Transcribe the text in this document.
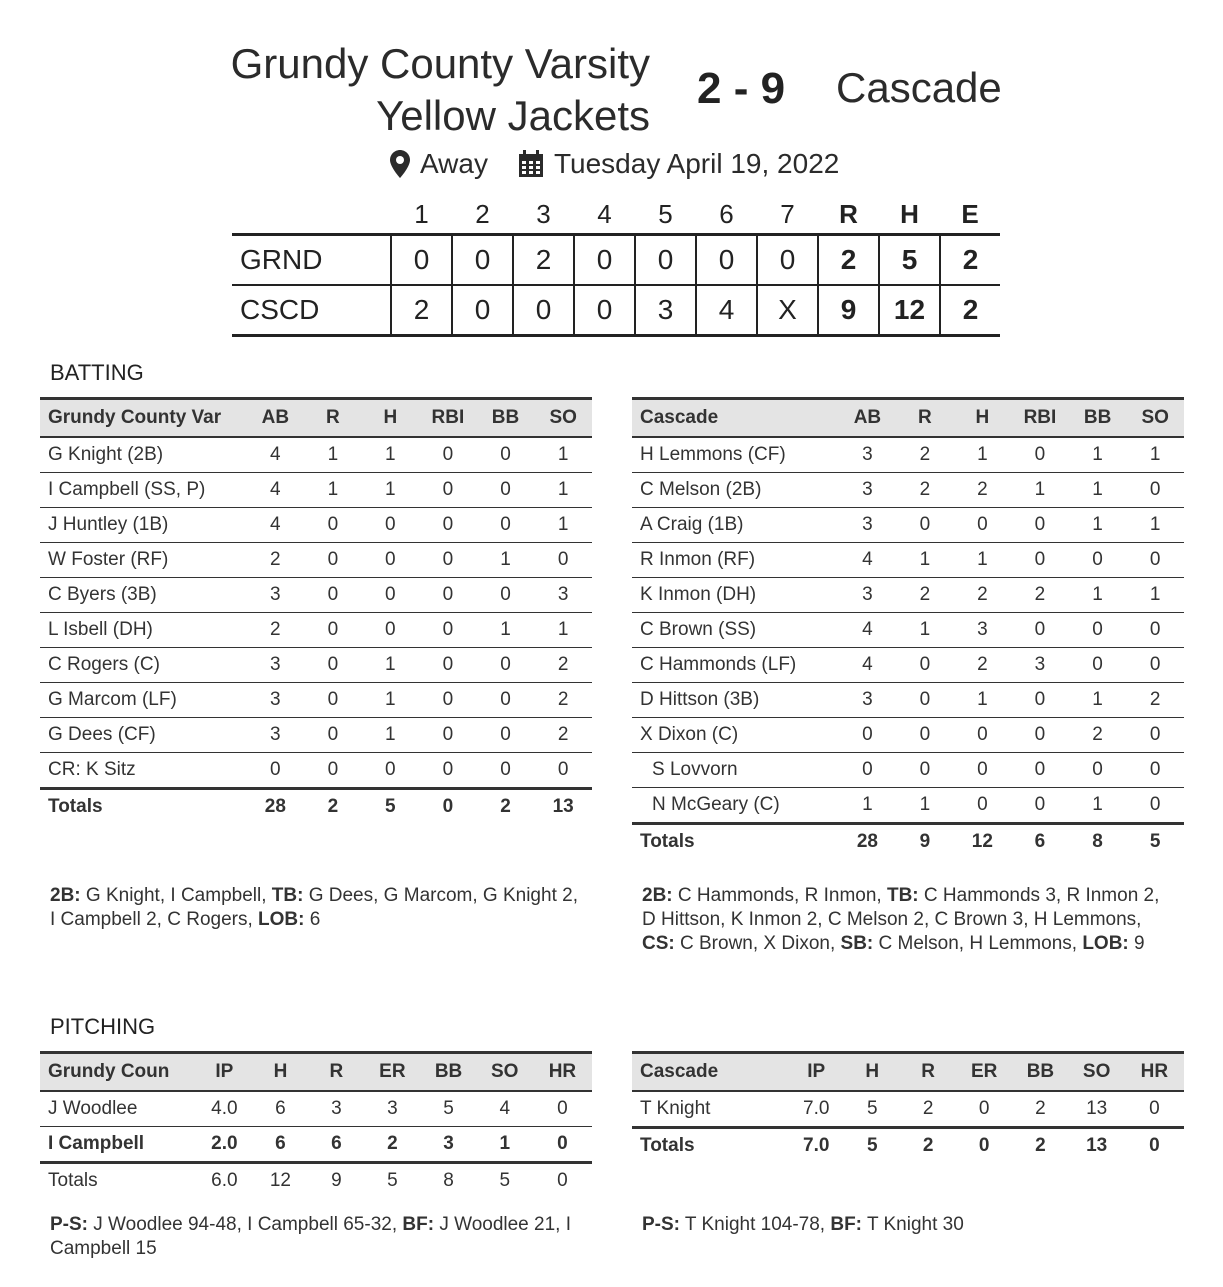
Grundy County Varsity
Yellow Jackets
2 - 9 Cascade
Away Tuesday April 19, 2022
	1	2	3	4	5	6	7	R	H	E
GRND	0	0	2	0	0	0	0	2	5	2
CSCD	2	0	0	0	3	4	X	9	12	2
BATTING
Grundy County Var	AB	R	H	RBI	BB	SO
G Knight (2B)	4	1	1	0	0	1
I Campbell (SS, P)	4	1	1	0	0	1
J Huntley (1B)	4	0	0	0	0	1
W Foster (RF)	2	0	0	0	1	0
C Byers (3B)	3	0	0	0	0	3
L Isbell (DH)	2	0	0	0	1	1
C Rogers (C)	3	0	1	0	0	2
G Marcom (LF)	3	0	1	0	0	2
G Dees (CF)	3	0	1	0	0	2
CR: K Sitz	0	0	0	0	0	0
Totals	28	2	5	0	2	13
Cascade	AB	R	H	RBI	BB	SO
H Lemmons (CF)	3	2	1	0	1	1
C Melson (2B)	3	2	2	1	1	0
A Craig (1B)	3	0	0	0	1	1
R Inmon (RF)	4	1	1	0	0	0
K Inmon (DH)	3	2	2	2	1	1
C Brown (SS)	4	1	3	0	0	0
C Hammonds (LF)	4	0	2	3	0	0
D Hittson (3B)	3	0	1	0	1	2
X Dixon (C)	0	0	0	0	2	0
S Lovvorn	0	0	0	0	0	0
N McGeary (C)	1	1	0	0	1	0
Totals	28	9	12	6	8	5
2B: G Knight, I Campbell, TB: G Dees, G Marcom, G Knight 2, I Campbell 2, C Rogers, LOB: 6
2B: C Hammonds, R Inmon, TB: C Hammonds 3, R Inmon 2, D Hittson, K Inmon 2, C Melson 2, C Brown 3, H Lemmons, CS: C Brown, X Dixon, SB: C Melson, H Lemmons, LOB: 9
PITCHING
Grundy Coun	IP	H	R	ER	BB	SO	HR
J Woodlee	4.0	6	3	3	5	4	0
I Campbell	2.0	6	6	2	3	1	0
Totals	6.0	12	9	5	8	5	0
Cascade	IP	H	R	ER	BB	SO	HR
T Knight	7.0	5	2	0	2	13	0
Totals	7.0	5	2	0	2	13	0
P-S: J Woodlee 94-48, I Campbell 65-32, BF: J Woodlee 21, I Campbell 15
P-S: T Knight 104-78, BF: T Knight 30
